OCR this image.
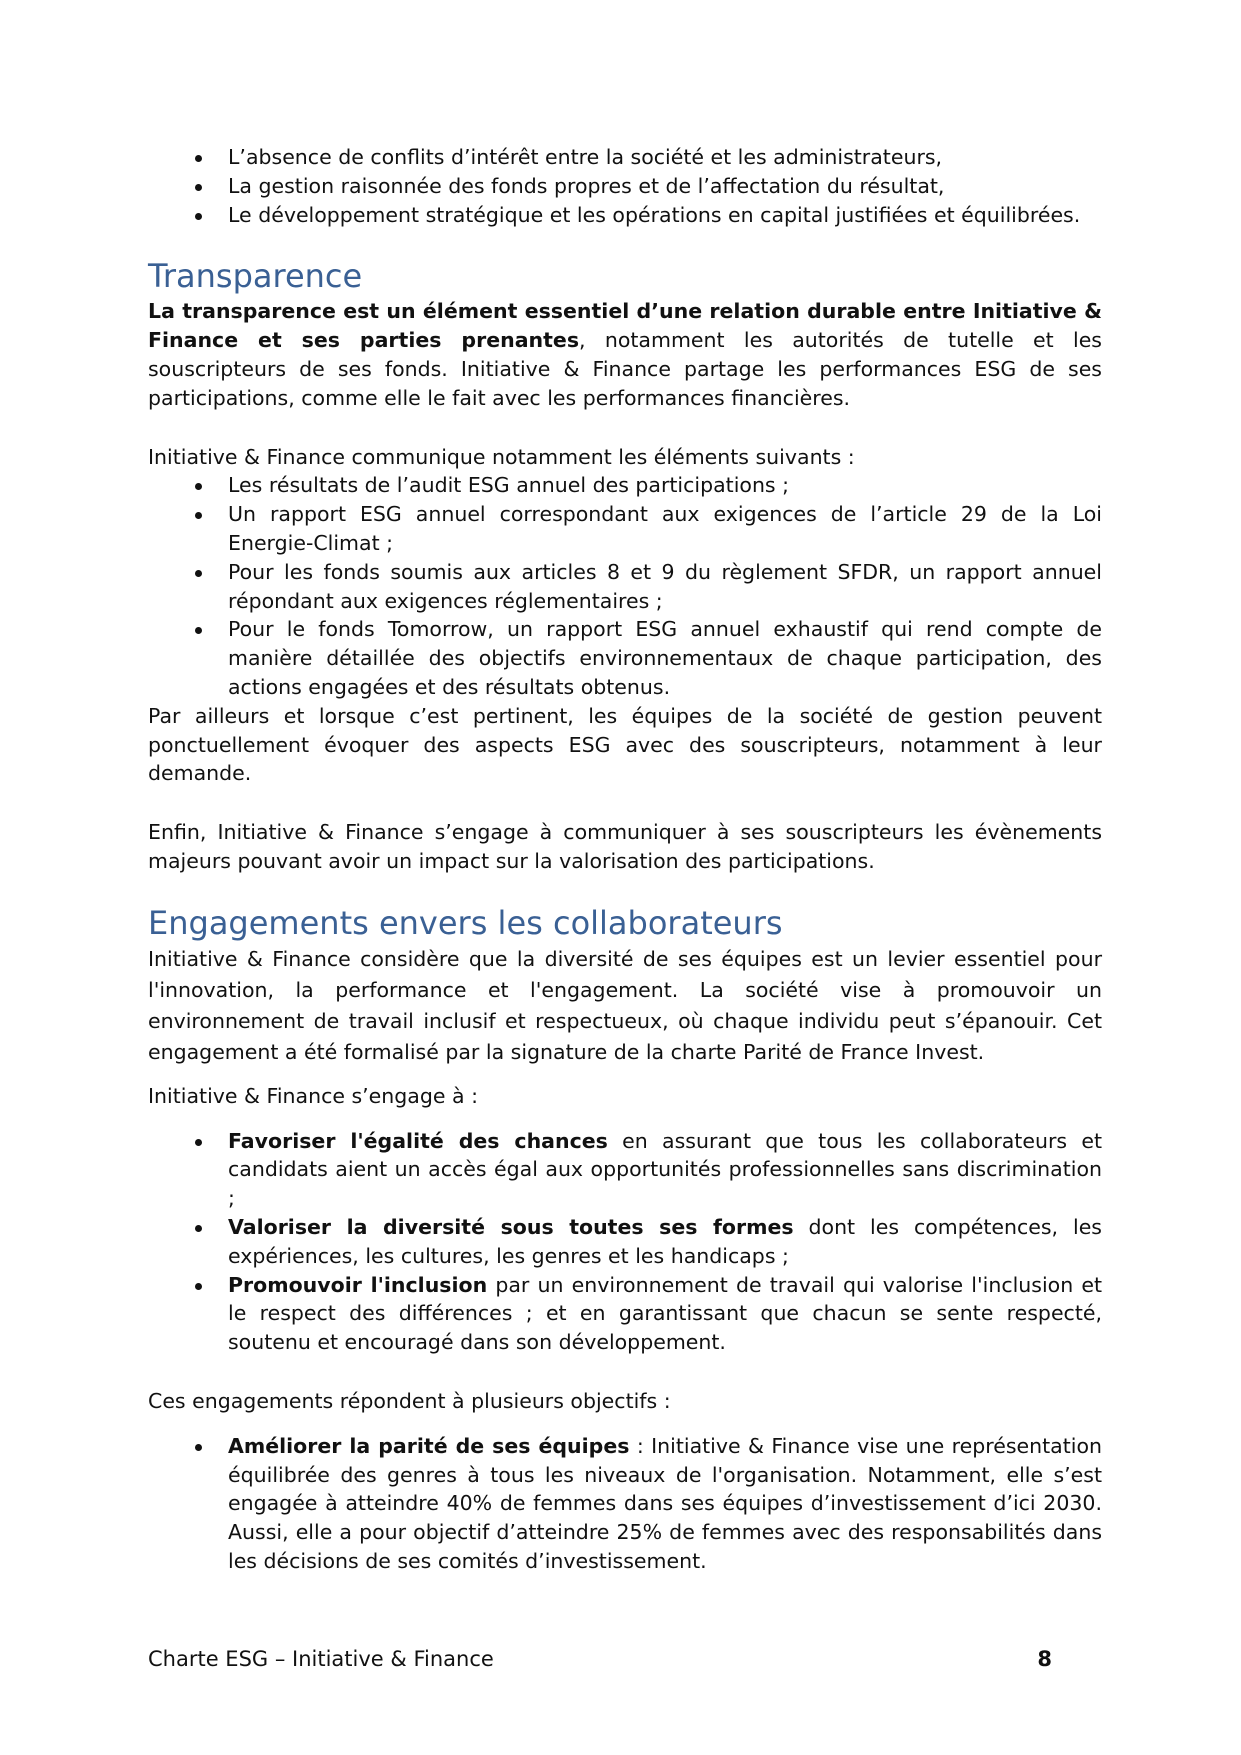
L’absence de conflits d’intérêt entre la société et les administrateurs,
La gestion raisonnée des fonds propres et de l’affectation du résultat,
Le développement stratégique et les opérations en capital justifiées et équilibrées.
Transparence

La transparence est un élément essentiel d’une relation durable entre Initiative & Finance et ses parties prenantes, notamment les autorités de tutelle et les souscripteurs de ses fonds. Initiative & Finance partage les performances ESG de ses participations, comme elle le fait avec les performances financières.

Initiative & Finance communique notamment les éléments suivants :

Les résultats de l’audit ESG annuel des participations ;
Un rapport ESG annuel correspondant aux exigences de l’article 29 de la Loi Energie-Climat ;
Pour les fonds soumis aux articles 8 et 9 du règlement SFDR, un rapport annuel répondant aux exigences réglementaires ;
Pour le fonds Tomorrow, un rapport ESG annuel exhaustif qui rend compte de manière détaillée des objectifs environnementaux de chaque participation, des actions engagées et des résultats obtenus.

Par ailleurs et lorsque c’est pertinent, les équipes de la société de gestion peuvent ponctuellement évoquer des aspects ESG avec des souscripteurs, notamment à leur demande.

Enfin, Initiative & Finance s’engage à communiquer à ses souscripteurs les évènements majeurs pouvant avoir un impact sur la valorisation des participations.

Engagements envers les collaborateurs

Initiative & Finance considère que la diversité de ses équipes est un levier essentiel pour l'innovation, la performance et l'engagement. La société vise à promouvoir un environnement de travail inclusif et respectueux, où chaque individu peut s’épanouir. Cet engagement a été formalisé par la signature de la charte Parité de France Invest.

Initiative & Finance s’engage à :

Favoriser l'égalité des chances en assurant que tous les collaborateurs et candidats aient un accès égal aux opportunités professionnelles sans discrimination ;
Valoriser la diversité sous toutes ses formes dont les compétences, les expériences, les cultures, les genres et les handicaps ;
Promouvoir l'inclusion par un environnement de travail qui valorise l'inclusion et le respect des différences ; et en garantissant que chacun se sente respecté, soutenu et encouragé dans son développement.

Ces engagements répondent à plusieurs objectifs :

Améliorer la parité de ses équipes : Initiative & Finance vise une représentation équilibrée des genres à tous les niveaux de l'organisation. Notamment, elle s’est engagée à atteindre 40% de femmes dans ses équipes d’investissement d’ici 2030. Aussi, elle a pour objectif d’atteindre 25% de femmes avec des responsabilités dans les décisions de ses comités d’investissement.
Charte ESG – Initiative & Finance	8
